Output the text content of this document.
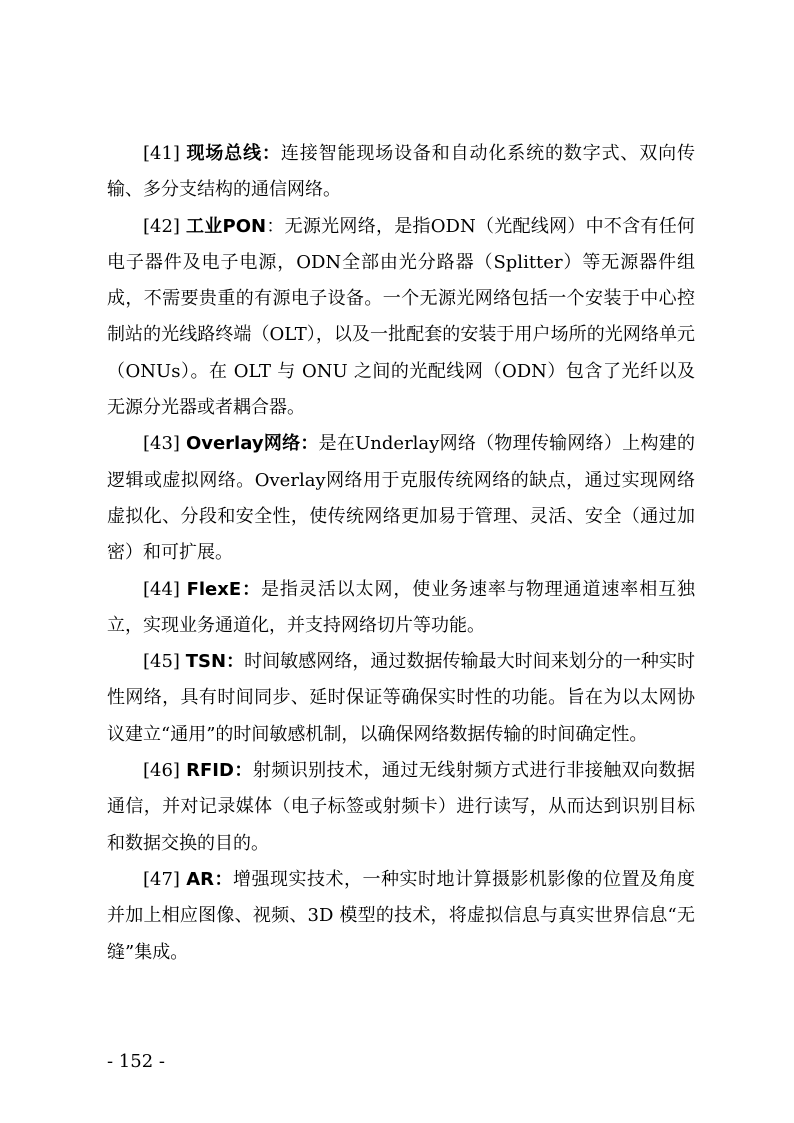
[41] 现场总线：连接智能现场设备和自动化系统的数字式、双向传输、多分支结构的通信网络。

[42] 工业PON：无源光网络，是指ODN（光配线网）中不含有任何电子器件及电子电源，ODN全部由光分路器（Splitter）等无源器件组成，不需要贵重的有源电子设备。一个无源光网络包括一个安装于中心控制站的光线路终端（OLT），以及一批配套的安装于用户场所的光网络单元（ONUs）。在 OLT 与 ONU 之间的光配线网（ODN）包含了光纤以及无源分光器或者耦合器。

[43] Overlay网络：是在Underlay网络（物理传输网络）上构建的逻辑或虚拟网络。Overlay网络用于克服传统网络的缺点，通过实现网络虚拟化、分段和安全性，使传统网络更加易于管理、灵活、安全（通过加密）和可扩展。

[44] FlexE：是指灵活以太网，使业务速率与物理通道速率相互独立，实现业务通道化，并支持网络切片等功能。

[45] TSN：时间敏感网络，通过数据传输最大时间来划分的一种实时性网络，具有时间同步、延时保证等确保实时性的功能。旨在为以太网协议建立“通用”的时间敏感机制，以确保网络数据传输的时间确定性。

[46] RFID：射频识别技术，通过无线射频方式进行非接触双向数据通信，并对记录媒体（电子标签或射频卡）进行读写，从而达到识别目标和数据交换的目的。

[47] AR：增强现实技术，一种实时地计算摄影机影像的位置及角度并加上相应图像、视频、3D 模型的技术，将虚拟信息与真实世界信息“无缝”集成。

- 152 -
